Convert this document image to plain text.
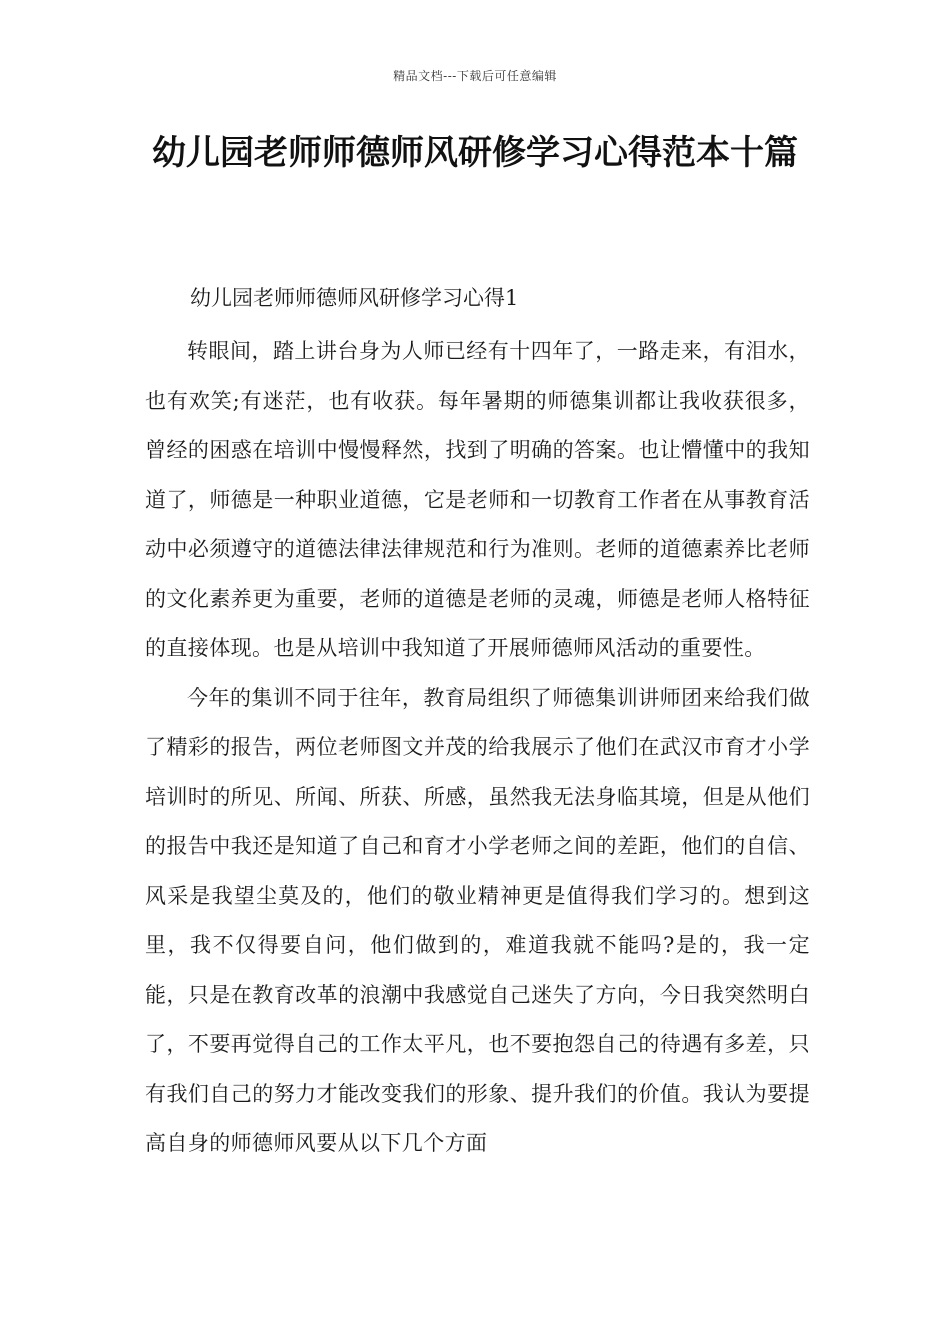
精品文档---下载后可任意编辑
幼儿园老师师德师风研修学习心得范本十篇
幼儿园老师师德师风研修学习心得1

转眼间，踏上讲台身为人师已经有十四年了，一路走来，有泪水，也有欢笑;有迷茫，也有收获。每年暑期的师德集训都让我收获很多，曾经的困惑在培训中慢慢释然，找到了明确的答案。也让懵懂中的我知道了，师德是一种职业道德，它是老师和一切教育工作者在从事教育活动中必须遵守的道德法律法律规范和行为准则。老师的道德素养比老师的文化素养更为重要，老师的道德是老师的灵魂，师德是老师人格特征的直接体现。也是从培训中我知道了开展师德师风活动的重要性。

今年的集训不同于往年，教育局组织了师德集训讲师团来给我们做了精彩的报告，两位老师图文并茂的给我展示了他们在武汉市育才小学培训时的所见、所闻、所获、所感，虽然我无法身临其境，但是从他们的报告中我还是知道了自己和育才小学老师之间的差距，他们的自信、风采是我望尘莫及的，他们的敬业精神更是值得我们学习的。想到这里，我不仅得要自问，他们做到的，难道我就不能吗?是的，我一定能，只是在教育改革的浪潮中我感觉自己迷失了方向，今日我突然明白了，不要再觉得自己的工作太平凡，也不要抱怨自己的待遇有多差，只有我们自己的努力才能改变我们的形象、提升我们的价值。我认为要提高自身的师德师风要从以下几个方面
